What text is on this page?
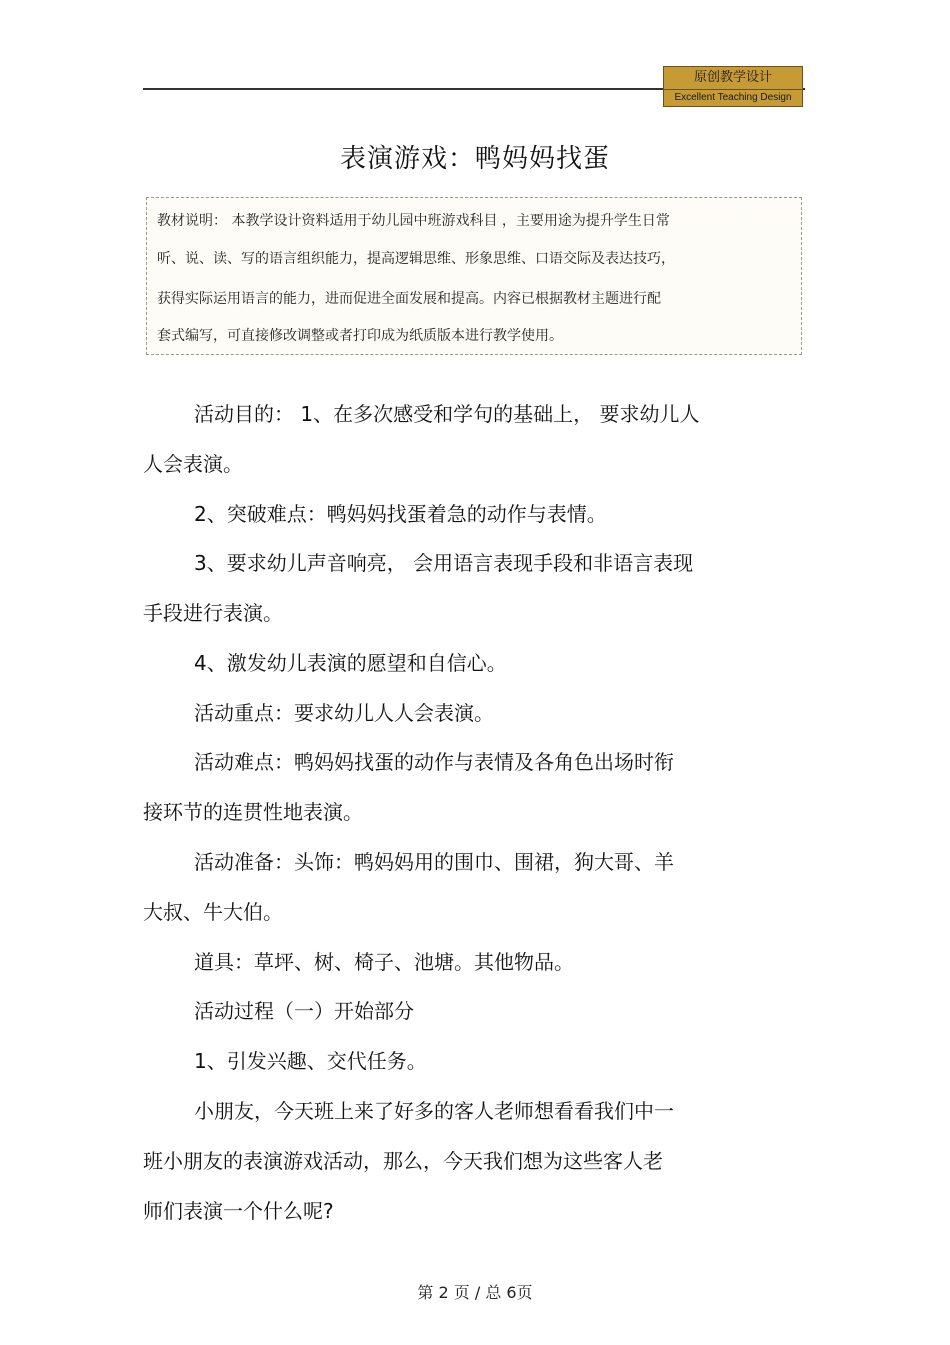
原创教学设计
Excellent Teaching Design
表演游戏：鸭妈妈找蛋
教材说明： 本教学设计资料适用于幼儿园中班游戏科目 ，主要用途为提升学生日常
听、说、读、写的语言组织能力，提高逻辑思维、形象思维、口语交际及表达技巧，
获得实际运用语言的能力，进而促进全面发展和提高。内容已根据教材主题进行配
套式编写，可直接修改调整或者打印成为纸质版本进行教学使用。
活动目的： 1、在多次感受和学句的基础上， 要求幼儿人
人会表演。
2、突破难点：鸭妈妈找蛋着急的动作与表情。
3、要求幼儿声音响亮， 会用语言表现手段和非语言表现
手段进行表演。
4、激发幼儿表演的愿望和自信心。
活动重点：要求幼儿人人会表演。
活动难点：鸭妈妈找蛋的动作与表情及各角色出场时衔
接环节的连贯性地表演。
活动准备：头饰：鸭妈妈用的围巾、围裙，狗大哥、羊
大叔、牛大伯。
道具：草坪、树、椅子、池塘。其他物品。
活动过程（一）开始部分
1、引发兴趣、交代任务。
小朋友，今天班上来了好多的客人老师想看看我们中一
班小朋友的表演游戏活动，那么，今天我们想为这些客人老
师们表演一个什么呢?
第 2 页 / 总 6页
